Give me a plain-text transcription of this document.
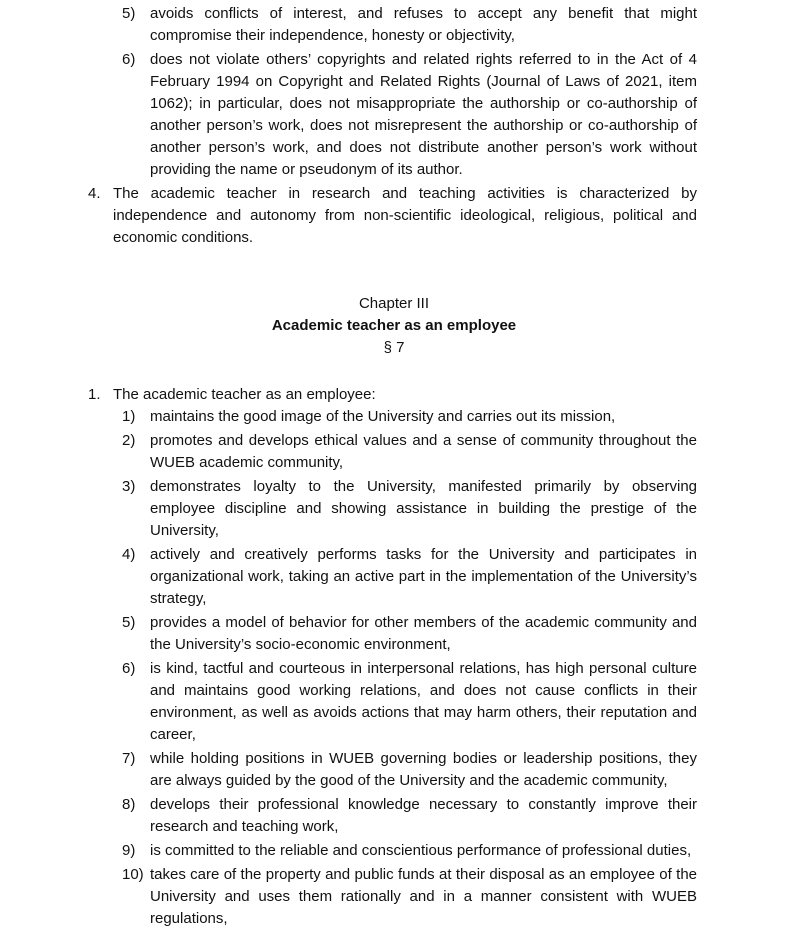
5) avoids conflicts of interest, and refuses to accept any benefit that might compromise their independence, honesty or objectivity,
6) does not violate others’ copyrights and related rights referred to in the Act of 4 February 1994 on Copyright and Related Rights (Journal of Laws of 2021, item 1062); in particular, does not misappropriate the authorship or co-authorship of another person’s work, does not misrepresent the authorship or co-authorship of another person’s work, and does not distribute another person’s work without providing the name or pseudonym of its author.
4. The academic teacher in research and teaching activities is characterized by independence and autonomy from non-scientific ideological, religious, political and economic conditions.
Chapter III
Academic teacher as an employee
§ 7
1. The academic teacher as an employee:
1) maintains the good image of the University and carries out its mission,
2) promotes and develops ethical values and a sense of community throughout the WUEB academic community,
3) demonstrates loyalty to the University, manifested primarily by observing employee discipline and showing assistance in building the prestige of the University,
4) actively and creatively performs tasks for the University and participates in organizational work, taking an active part in the implementation of the University’s strategy,
5) provides a model of behavior for other members of the academic community and the University’s socio-economic environment,
6) is kind, tactful and courteous in interpersonal relations, has high personal culture and maintains good working relations, and does not cause conflicts in their environment, as well as avoids actions that may harm others, their reputation and career,
7) while holding positions in WUEB governing bodies or leadership positions, they are always guided by the good of the University and the academic community,
8) develops their professional knowledge necessary to constantly improve their research and teaching work,
9) is committed to the reliable and conscientious performance of professional duties,
10) takes care of the property and public funds at their disposal as an employee of the University and uses them rationally and in a manner consistent with WUEB regulations,
